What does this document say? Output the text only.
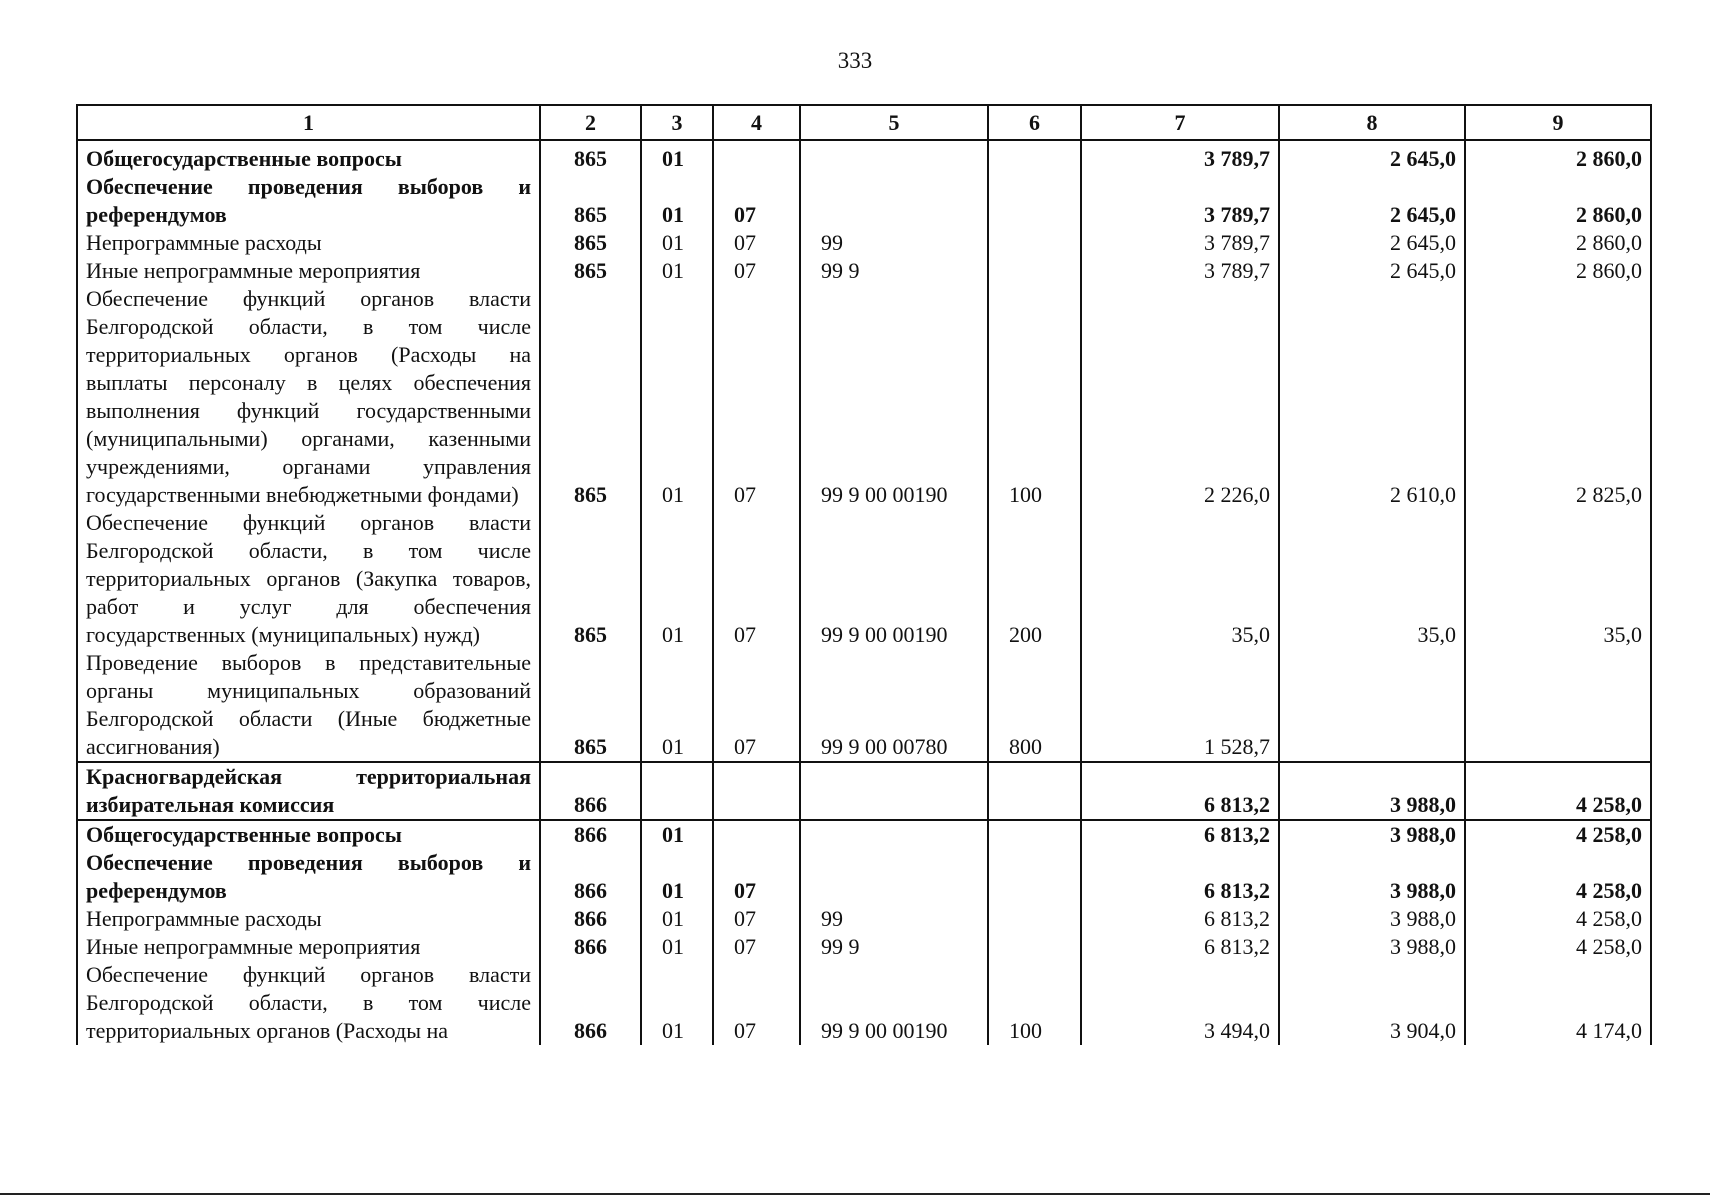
333
1	2	3	4	5	6	7	8	9
Общегосударственные вопросы	865	01				3 789,7	2 645,0	2 860,0
Обеспечение проведения выборов и референдумов	865	01	07			3 789,7	2 645,0	2 860,0
Непрограммные расходы	865	01	07	99		3 789,7	2 645,0	2 860,0
Иные непрограммные мероприятия	865	01	07	99 9		3 789,7	2 645,0	2 860,0
Обеспечение функций органов власти Белгородской области, в том числе территориальных органов (Расходы на выплаты персоналу в целях обеспечения выполнения функций государственными (муниципальными) органами, казенными учреждениями, органами управления государственными внебюджетными фондами)	865	01	07	99 9 00 00190	100	2 226,0	2 610,0	2 825,0
Обеспечение функций органов власти Белгородской области, в том числе территориальных органов (Закупка товаров, работ и услуг для обеспечения государственных (муниципальных) нужд)	865	01	07	99 9 00 00190	200	35,0	35,0	35,0
Проведение выборов в представительные органы муниципальных образований Белгородской области (Иные бюджетные ассигнования)	865	01	07	99 9 00 00780	800	1 528,7		
Красногвардейская территориальная избирательная комиссия	866					6 813,2	3 988,0	4 258,0
Общегосударственные вопросы	866	01				6 813,2	3 988,0	4 258,0
Обеспечение проведения выборов и референдумов	866	01	07			6 813,2	3 988,0	4 258,0
Непрограммные расходы	866	01	07	99		6 813,2	3 988,0	4 258,0
Иные непрограммные мероприятия	866	01	07	99 9		6 813,2	3 988,0	4 258,0
Обеспечение функций органов власти Белгородской области, в том числе территориальных органов (Расходы на	866	01	07	99 9 00 00190	100	3 494,0	3 904,0	4 174,0
